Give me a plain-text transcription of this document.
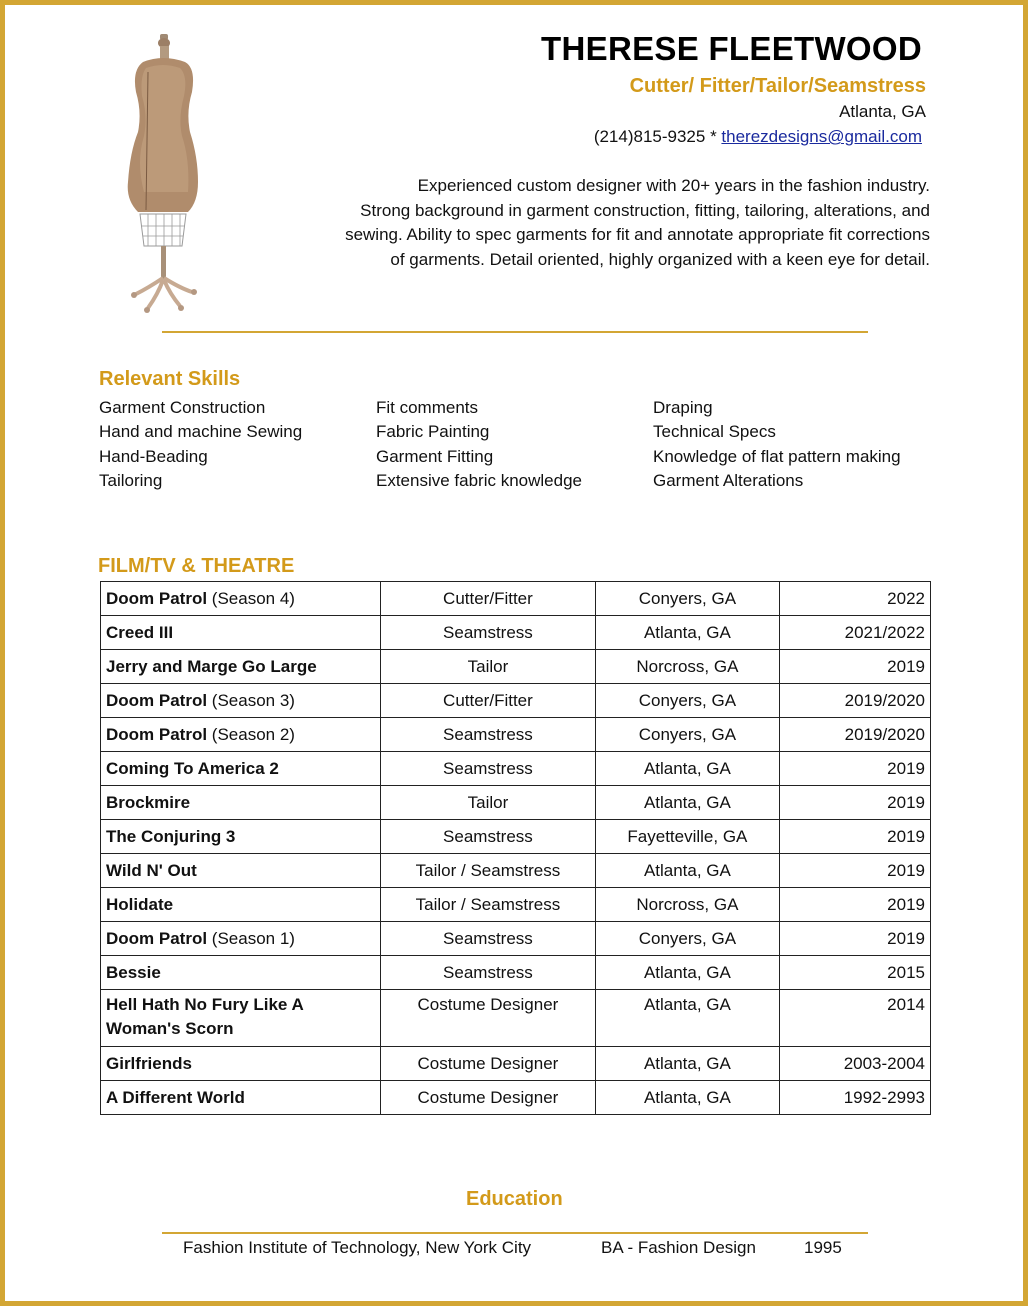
THERESE FLEETWOOD
Cutter/ Fitter/Tailor/Seamstress
Atlanta, GA
(214)815-9325 * therezdesigns@gmail.com
Experienced custom designer with 20+ years in the fashion industry.
Strong background in garment construction, fitting, tailoring, alterations, and
sewing. Ability to spec garments for fit and annotate appropriate fit corrections
of garments. Detail oriented, highly organized with a keen eye for detail.
Relevant Skills
Garment Construction	Fit comments	Draping
Hand and machine Sewing	Fabric Painting	Technical Specs
Hand-Beading	Garment Fitting	Knowledge of flat pattern making
Tailoring	Extensive fabric knowledge	Garment Alterations
FILM/TV & THEATRE
Doom Patrol (Season 4)	Cutter/Fitter	Conyers, GA	2022
Creed III	Seamstress	Atlanta, GA	2021/2022
Jerry and Marge Go Large	Tailor	Norcross, GA	2019
Doom Patrol (Season 3)	Cutter/Fitter	Conyers, GA	2019/2020
Doom Patrol (Season 2)	Seamstress	Conyers, GA	2019/2020
Coming To America 2	Seamstress	Atlanta, GA	2019
Brockmire	Tailor	Atlanta, GA	2019
The Conjuring 3	Seamstress	Fayetteville, GA	2019
Wild N' Out	Tailor / Seamstress	Atlanta, GA	2019
Holidate	Tailor / Seamstress	Norcross, GA	2019
Doom Patrol (Season 1)	Seamstress	Conyers, GA	2019
Bessie	Seamstress	Atlanta, GA	2015
Hell Hath No Fury Like A Woman's Scorn	Costume Designer	Atlanta, GA	2014
Girlfriends	Costume Designer	Atlanta, GA	2003-2004
A Different World	Costume Designer	Atlanta, GA	1992-2993
Education
Fashion Institute of Technology, New York City	BA - Fashion Design	1995
